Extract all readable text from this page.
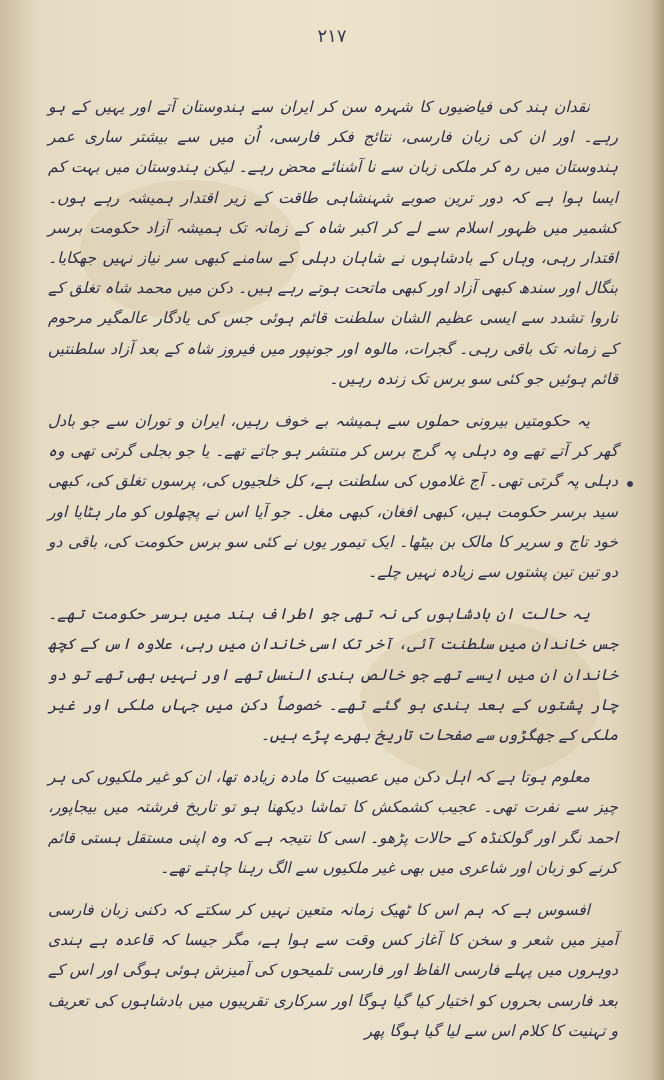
۲۱۷

نقدان ہند کی فیاضیوں کا شہرہ سن کر ایران سے ہندوستان آتے اور یہیں کے ہو رہے۔ اور ان کی زبان فارسی، نتائج فکر فارسی، اُن میں سے بیشتر ساری عمر ہندوستان میں رہ کر ملکی زبان سے نا آشنائے محض رہے۔ لیکن ہندوستان میں بہت کم ایسا ہوا ہے کہ دور ترین صوبے شہنشاہی طاقت کے زیر اقتدار ہمیشہ رہے ہوں۔ کشمیر میں ظہور اسلام سے لے کر اکبر شاہ کے زمانہ تک ہمیشہ آزاد حکومت برسر اقتدار رہی، وہاں کے بادشاہوں نے شاہان دہلی کے سامنے کبھی سر نیاز نہیں جھکایا۔ بنگال اور سندھ کبھی آزاد اور کبھی ماتحت ہوتے رہے ہیں۔ دکن میں محمد شاہ تغلق کے ناروا تشدد سے ایسی عظیم الشان سلطنت قائم ہوئی جس کی یادگار عالمگیر مرحوم کے زمانہ تک باقی رہی۔ گجرات، مالوہ اور جونپور میں فیروز شاہ کے بعد آزاد سلطنتیں قائم ہوئیں جو کئی سو برس تک زندہ رہیں۔

یہ حکومتیں بیرونی حملوں سے ہمیشہ بے خوف رہیں، ایران و توران سے جو بادل گھر کر آتے تھے وہ دہلی پہ گرج برس کر منتشر ہو جاتے تھے۔ یا جو بجلی گرتی تھی وہ دہلی پہ گرتی تھی۔ آج غلاموں کی سلطنت ہے، کل خلجیوں کی، پرسوں تغلق کی، کبھی سید برسر حکومت ہیں، کبھی افغان، کبھی مغل۔ جو آیا اس نے پچھلوں کو مار ہٹایا اور خود تاج و سریر کا مالک بن بیٹھا۔ ایک تیمور یوں نے کئی سو برس حکومت کی، باقی دو دو تین تین پشتوں سے زیادہ نہیں چلے۔

یہ حالت ان بادشاہوں کی نہ تھی جو اطراف ہند میں برسر حکومت تھے۔ جس خاندان میں سلطنت آئی، آخر تک اسی خاندان میں رہی، علاوہ اس کے کچھ خاندان ان میں ایسے تھے جو خالص ہندی النسل تھے اور نہیں بھی تھے تو دو چار پشتوں کے بعد ہندی ہو گئے تھے۔ خصوصاً دکن میں جہاں ملکی اور غیر ملکی کے جھگڑوں سے صفحات تاریخ بھرے پڑے ہیں۔

معلوم ہوتا ہے کہ اہل دکن میں عصبیت کا مادہ زیادہ تھا، ان کو غیر ملکیوں کی ہر چیز سے نفرت تھی۔ عجیب کشمکش کا تماشا دیکھنا ہو تو تاریخ فرشتہ میں بیجاپور، احمد نگر اور گولکنڈہ کے حالات پڑھو۔ اسی کا نتیجہ ہے کہ وہ اپنی مستقل ہستی قائم کرنے کو زبان اور شاعری میں بھی غیر ملکیوں سے الگ رہنا چاہتے تھے۔

افسوس ہے کہ ہم اس کا ٹھیک زمانہ متعین نہیں کر سکتے کہ دکنی زبان فارسی آمیز میں شعر و سخن کا آغاز کس وقت سے ہوا ہے، مگر جیسا کہ قاعدہ ہے ہندی دوہروں میں پہلے فارسی الفاظ اور فارسی تلمیحوں کی آمیزش ہوئی ہوگی اور اس کے بعد فارسی بحروں کو اختیار کیا گیا ہوگا اور سرکاری تقریبوں میں بادشاہوں کی تعریف و تہنیت کا کلام اس سے لیا گیا ہوگا پھر
